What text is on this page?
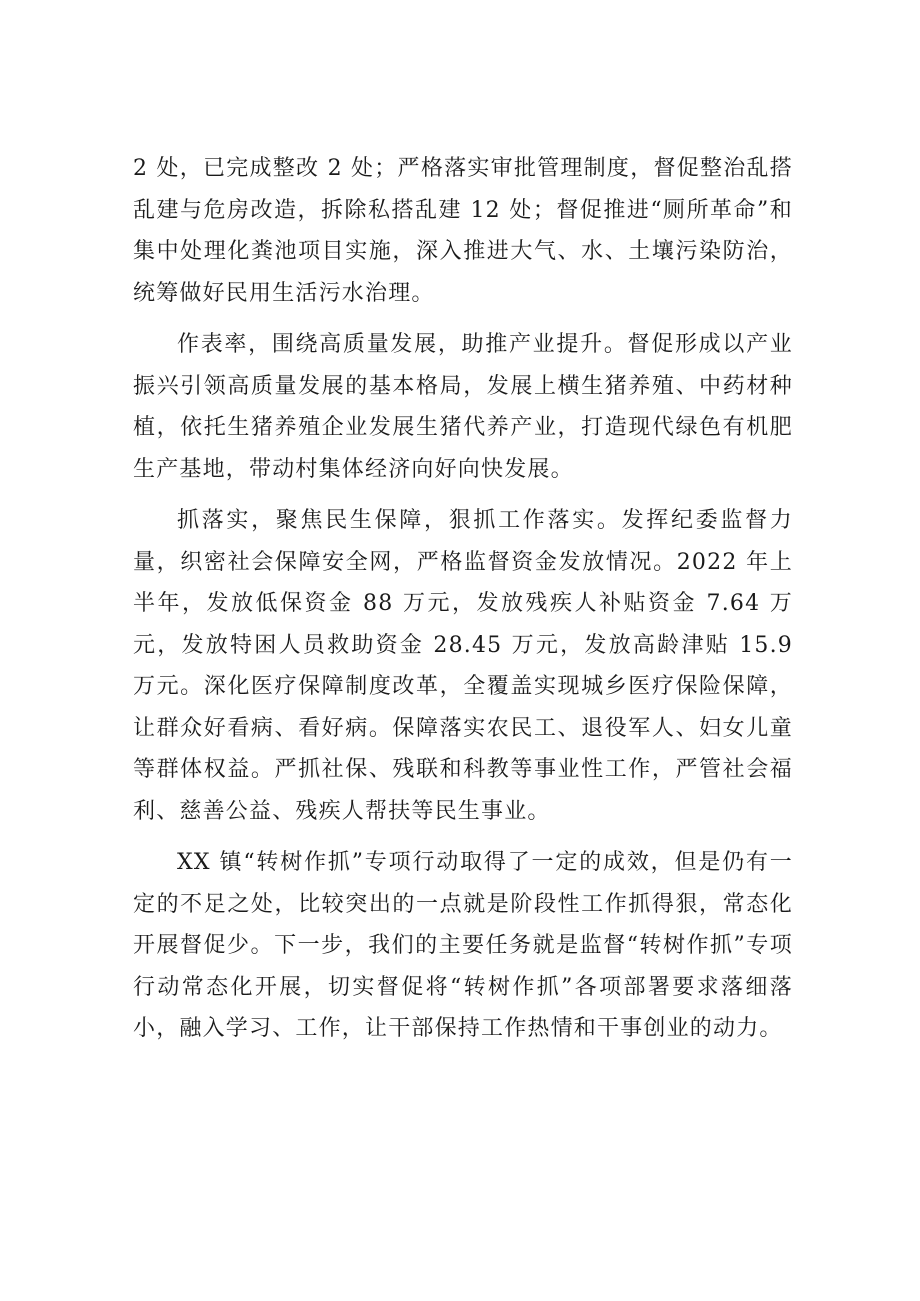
2 处，已完成整改 2 处；严格落实审批管理制度，督促整治乱搭乱建与危房改造，拆除私搭乱建 12 处；督促推进“厕所革命”和集中处理化粪池项目实施，深入推进大气、水、土壤污染防治，统筹做好民用生活污水治理。

作表率，围绕高质量发展，助推产业提升。督促形成以产业振兴引领高质量发展的基本格局，发展上横生猪养殖、中药材种植，依托生猪养殖企业发展生猪代养产业，打造现代绿色有机肥生产基地，带动村集体经济向好向快发展。

抓落实，聚焦民生保障，狠抓工作落实。发挥纪委监督力量，织密社会保障安全网，严格监督资金发放情况。2022 年上半年，发放低保资金 88 万元，发放残疾人补贴资金 7.64 万元，发放特困人员救助资金 28.45 万元，发放高龄津贴 15.9 万元。深化医疗保障制度改革，全覆盖实现城乡医疗保险保障，让群众好看病、看好病。保障落实农民工、退役军人、妇女儿童等群体权益。严抓社保、残联和科教等事业性工作，严管社会福利、慈善公益、残疾人帮扶等民生事业。

XX 镇“转树作抓”专项行动取得了一定的成效，但是仍有一定的不足之处，比较突出的一点就是阶段性工作抓得狠，常态化开展督促少。下一步，我们的主要任务就是监督“转树作抓”专项行动常态化开展，切实督促将“转树作抓”各项部署要求落细落小，融入学习、工作，让干部保持工作热情和干事创业的动力。
